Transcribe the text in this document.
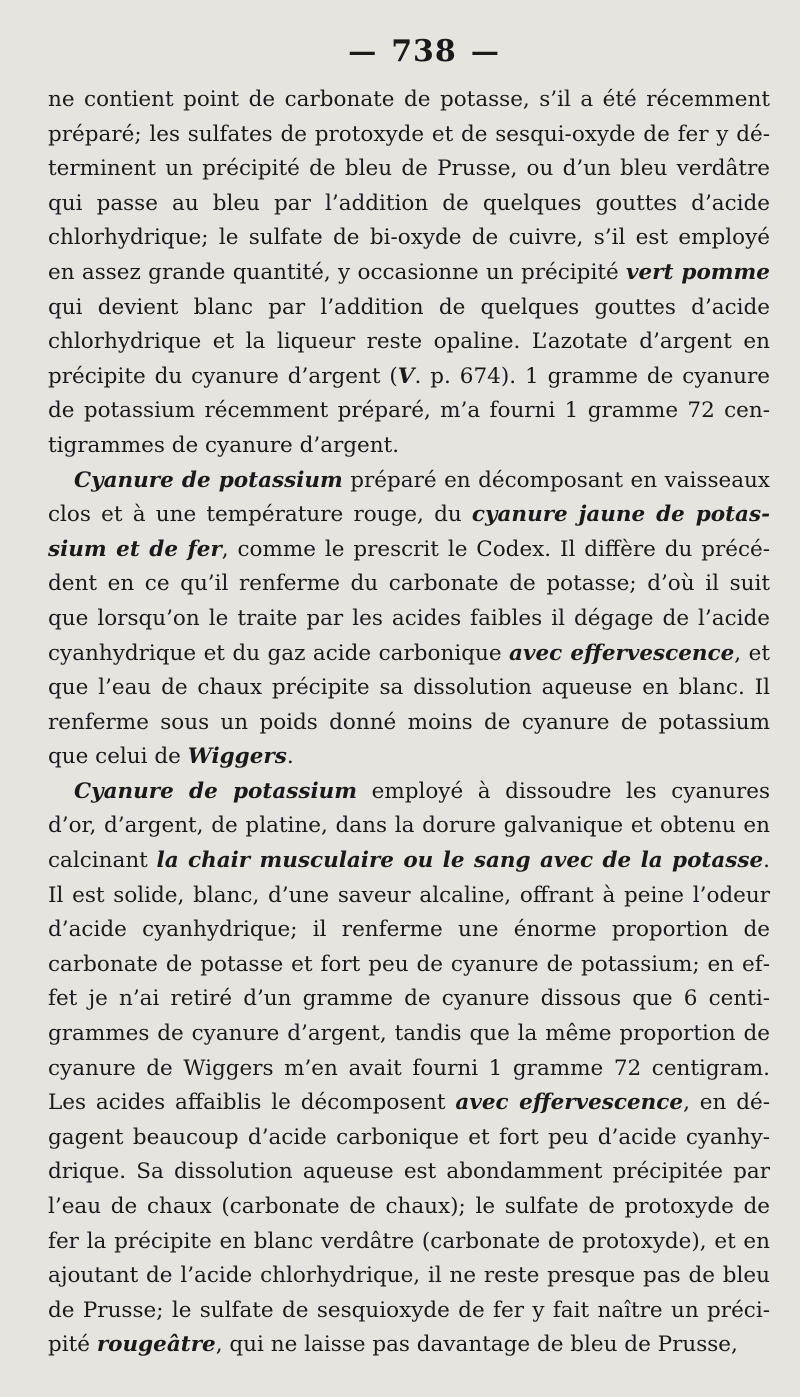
— 738 —

ne contient point de carbonate de potasse, s’il a été récemment préparé; les sulfates de protoxyde et de sesqui-oxyde de fer y déterminent un précipité de bleu de Prusse, ou d’un bleu verdâtre qui passe au bleu par l’addition de quelques gouttes d’acide chlorhydrique; le sulfate de bi-oxyde de cuivre, s’il est employé en assez grande quantité, y occasionne un précipité vert pomme qui devient blanc par l’addition de quelques gouttes d’acide chlorhydrique et la liqueur reste opaline. L’azotate d’argent en précipite du cyanure d’argent (V. p. 674). 1 gramme de cyanure de potassium récemment préparé, m’a fourni 1 gramme 72 centigrammes de cyanure d’argent.

Cyanure de potassium préparé en décomposant en vaisseaux clos et à une température rouge, du cyanure jaune de potassium et de fer, comme le prescrit le Codex. Il diffère du précédent en ce qu’il renferme du carbonate de potasse; d’où il suit que lorsqu’on le traite par les acides faibles il dégage de l’acide cyanhydrique et du gaz acide carbonique avec effervescence, et que l’eau de chaux précipite sa dissolution aqueuse en blanc. Il renferme sous un poids donné moins de cyanure de potassium que celui de Wiggers.

Cyanure de potassium employé à dissoudre les cyanures d’or, d’argent, de platine, dans la dorure galvanique et obtenu en calcinant la chair musculaire ou le sang avec de la potasse. Il est solide, blanc, d’une saveur alcaline, offrant à peine l’odeur d’acide cyanhydrique; il renferme une énorme proportion de carbonate de potasse et fort peu de cyanure de potassium; en effet je n’ai retiré d’un gramme de cyanure dissous que 6 centigrammes de cyanure d’argent, tandis que la même proportion de cyanure de Wiggers m’en avait fourni 1 gramme 72 centigram. Les acides affaiblis le décomposent avec effervescence, en dégagent beaucoup d’acide carbonique et fort peu d’acide cyanhydrique. Sa dissolution aqueuse est abondamment précipitée par l’eau de chaux (carbonate de chaux); le sulfate de protoxyde de fer la précipite en blanc verdâtre (carbonate de protoxyde), et en ajoutant de l’acide chlorhydrique, il ne reste presque pas de bleu de Prusse; le sulfate de sesquioxyde de fer y fait naître un précipité rougeâtre, qui ne laisse pas davantage de bleu de Prusse,
